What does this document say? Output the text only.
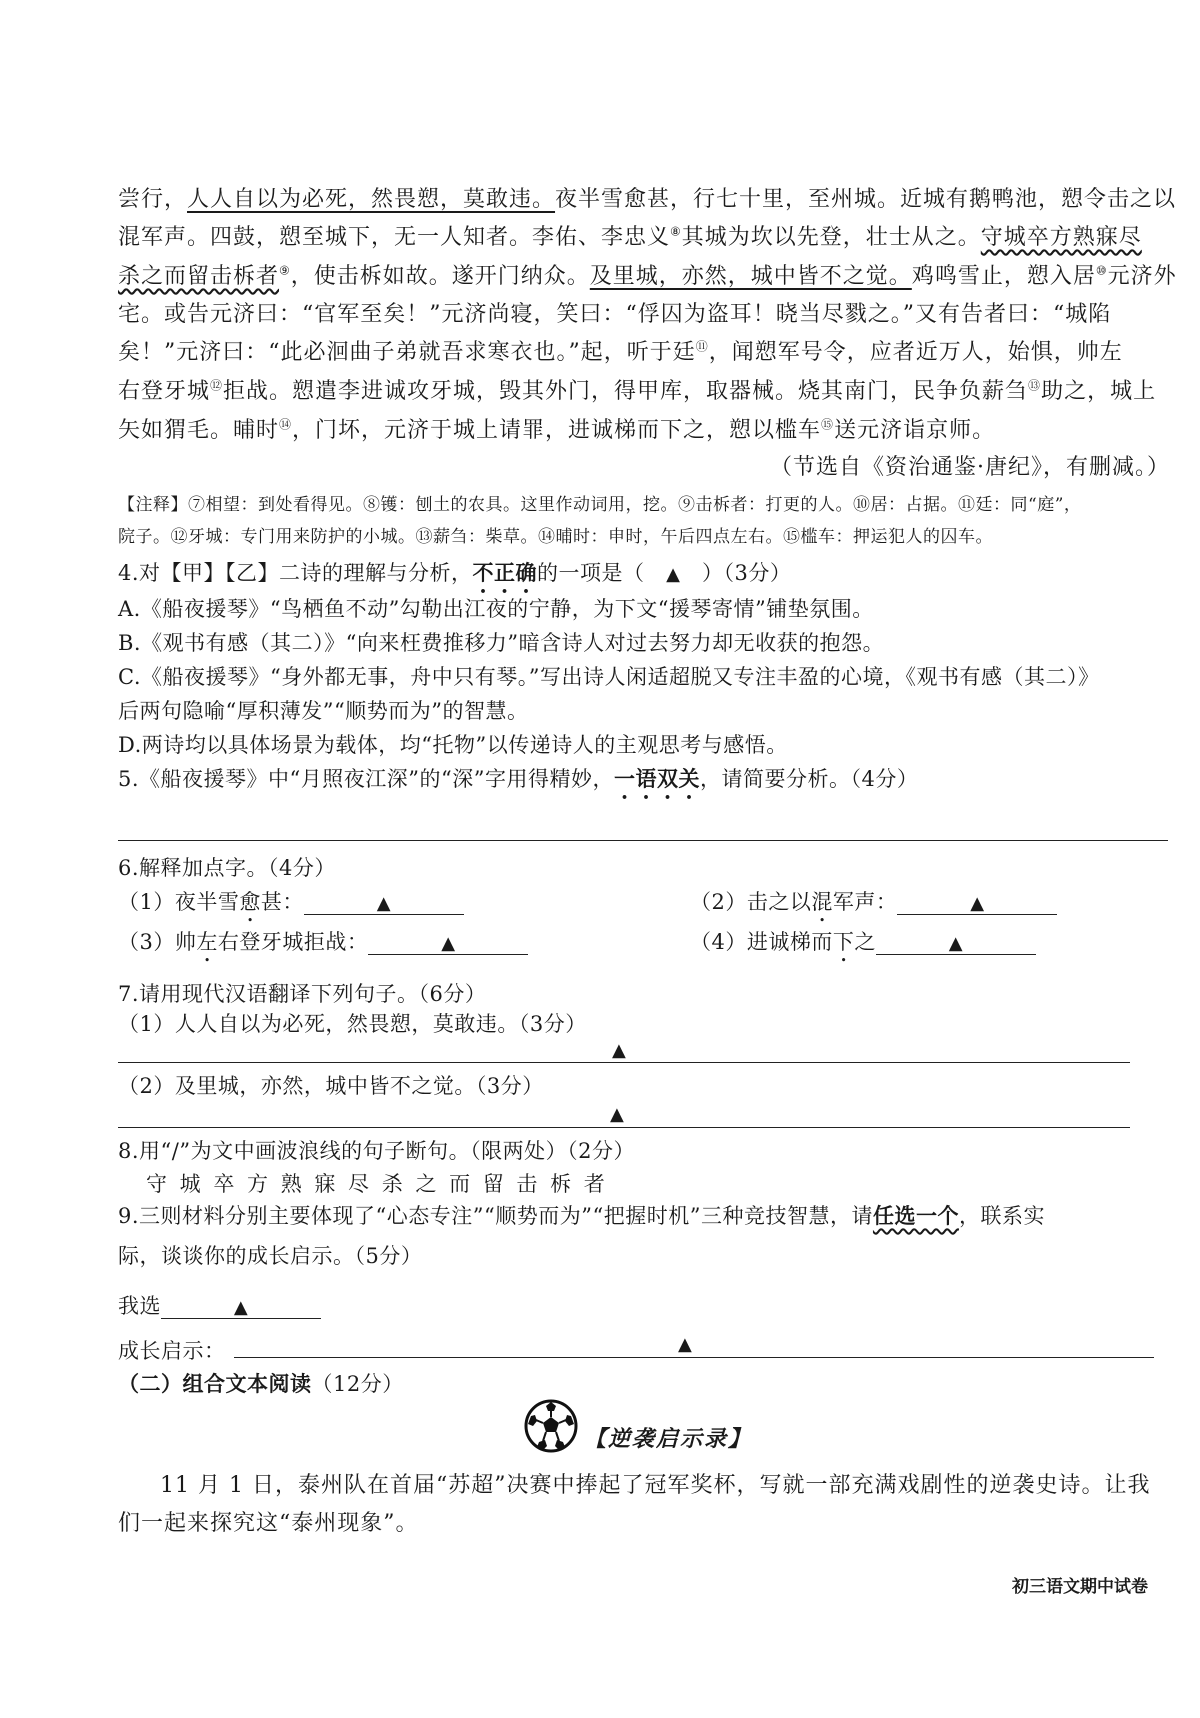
尝行，人人自以为必死，然畏愬，莫敢违。夜半雪愈甚，行七十里，至州城。近城有鹅鸭池，愬令击之以
混军声。四鼓，愬至城下，无一人知者。李佑、李忠义⑧其城为坎以先登，壮士从之。守城卒方熟寐尽
杀之而留击柝者⑨，使击柝如故。遂开门纳众。及里城，亦然，城中皆不之觉。鸡鸣雪止，愬入居⑩元济外
宅。或告元济曰：“官军至矣！”元济尚寝，笑曰：“俘囚为盗耳！晓当尽戮之。”又有告者曰：“城陷
矣！”元济曰：“此必洄曲子弟就吾求寒衣也。”起，听于廷⑪，闻愬军号令，应者近万人，始惧，帅左
右登牙城⑫拒战。愬遣李进诚攻牙城，毁其外门，得甲库，取器械。烧其南门，民争负薪刍⑬助之，城上
矢如猬毛。晡时⑭，门坏，元济于城上请罪，进诚梯而下之，愬以槛车⑮送元济诣京师。
（节选自《资治通鉴·唐纪》，有删减。）
【注释】⑦相望：到处看得见。⑧镬：刨土的农具。这里作动词用，挖。⑨击柝者：打更的人。⑩居：占据。⑪廷：同“庭”，
院子。⑫牙城：专门用来防护的小城。⑬薪刍：柴草。⑭晡时：申时，午后四点左右。⑮槛车：押运犯人的囚车。
4.对【甲】【乙】二诗的理解与分析，不正确的一项是（ ▲ ）（3分）
A.《船夜援琴》“鸟栖鱼不动”勾勒出江夜的宁静，为下文“援琴寄情”铺垫氛围。
B.《观书有感（其二）》“向来枉费推移力”暗含诗人对过去努力却无收获的抱怨。
C.《船夜援琴》“身外都无事，舟中只有琴。”写出诗人闲适超脱又专注丰盈的心境，《观书有感（其二）》
后两句隐喻“厚积薄发”“顺势而为”的智慧。
D.两诗均以具体场景为载体，均“托物”以传递诗人的主观思考与感悟。
5.《船夜援琴》中“月照夜江深”的“深”字用得精妙，一语双关，请简要分析。（4分）
6.解释加点字。（4分）
（1）夜半雪愈甚：	▲	（2）击之以混军声：	▲
（3）帅左右登牙城拒战：	▲	（4）进诚梯而下之	▲
7.请用现代汉语翻译下列句子。（6分）
（1）人人自以为必死，然畏愬，莫敢违。（3分）
▲
（2）及里城，亦然，城中皆不之觉。（3分）
▲
8.用“/”为文中画波浪线的句子断句。（限两处）（2分）
守 城 卒 方 熟 寐 尽 杀 之 而 留 击 柝 者
9.三则材料分别主要体现了“心态专注”“顺势而为”“把握时机”三种竞技智慧，请任选一个，联系实
际，谈谈你的成长启示。（5分）
我选	▲
成长启示：	▲
（二）组合文本阅读（12分）
【逆袭启示录】
11 月 1 日，泰州队在首届“苏超”决赛中捧起了冠军奖杯，写就一部充满戏剧性的逆袭史诗。让我
们一起来探究这“泰州现象”。
初三语文期中试卷
